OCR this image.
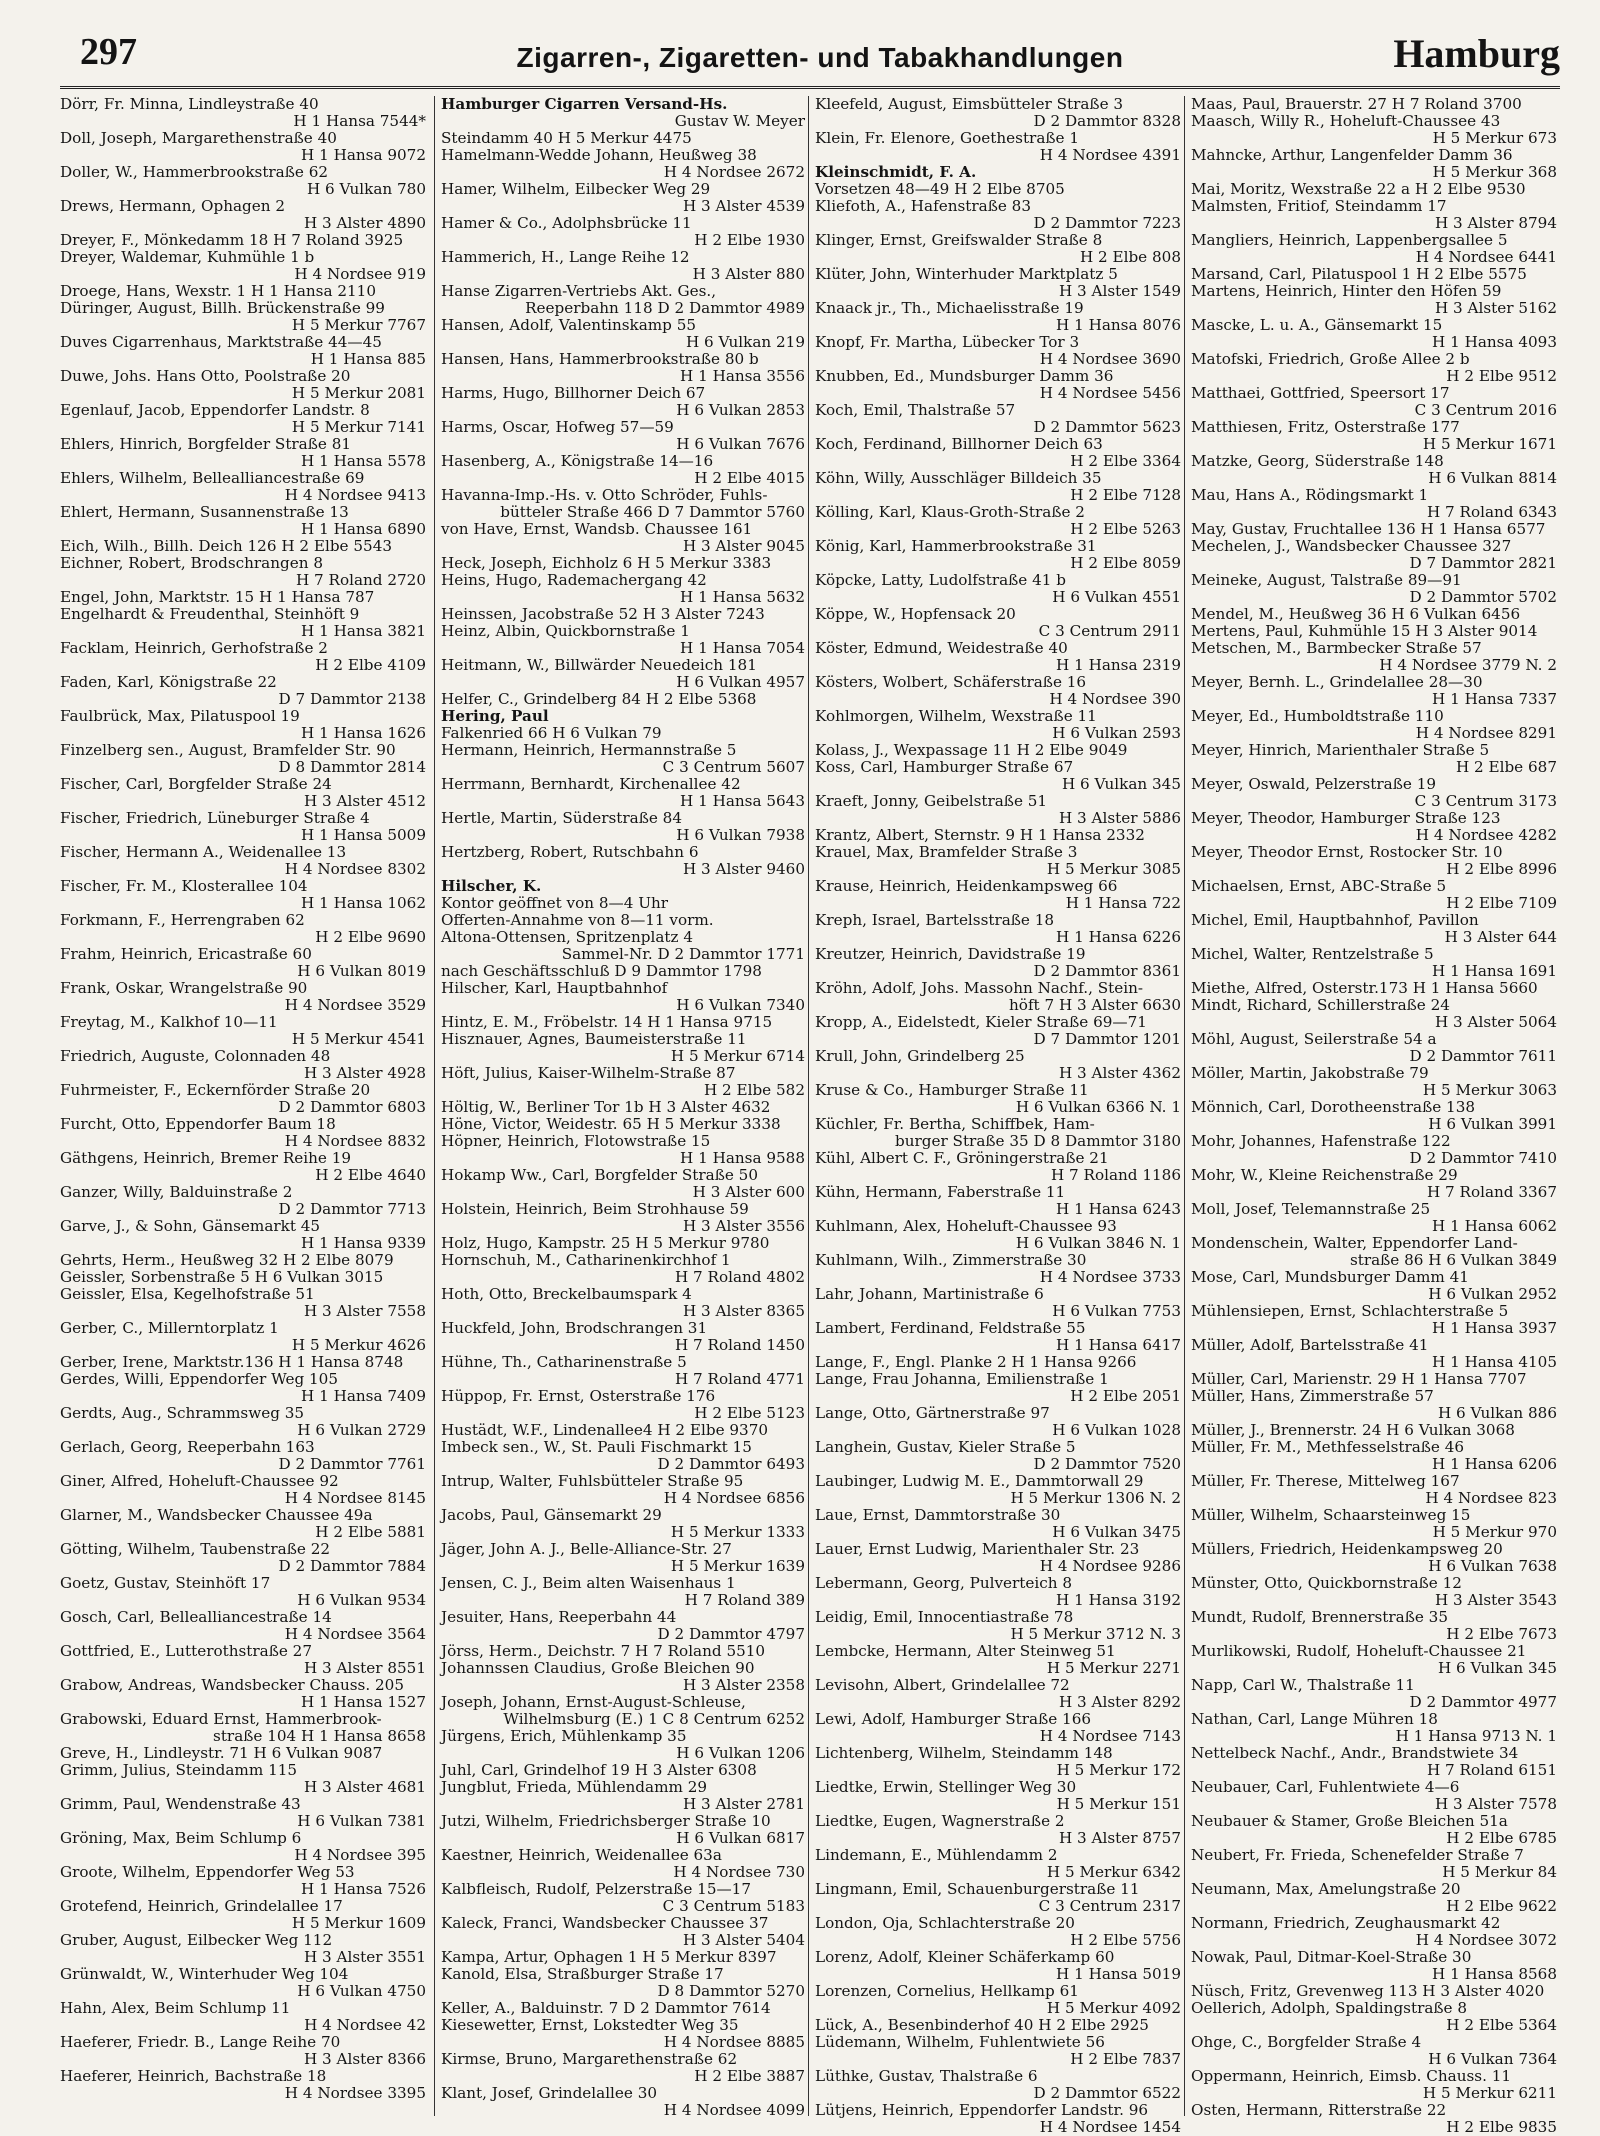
297	Zigarren-, Zigaretten- und Tabakhandlungen	Hamburg
Dörr, Fr. Minna, Lindleystraße 40
H 1 Hansa 7544*
Doll, Joseph, Margarethenstraße 40
H 1 Hansa 9072
Doller, W., Hammerbrookstraße 62
H 6 Vulkan 780
Drews, Hermann, Ophagen 2
H 3 Alster 4890
Dreyer, F., Mönkedamm 18 H 7 Roland 3925
Dreyer, Waldemar, Kuhmühle 1 b
H 4 Nordsee 919
Droege, Hans, Wexstr. 1 H 1 Hansa 2110
Düringer, August, Billh. Brückenstraße 99
H 5 Merkur 7767
Duves Cigarrenhaus, Marktstraße 44—45
H 1 Hansa 885
Duwe, Johs. Hans Otto, Poolstraße 20
H 5 Merkur 2081
Egenlauf, Jacob, Eppendorfer Landstr. 8
H 5 Merkur 7141
Ehlers, Hinrich, Borgfelder Straße 81
H 1 Hansa 5578
Ehlers, Wilhelm, Bellealliancestraße 69
H 4 Nordsee 9413
Ehlert, Hermann, Susannenstraße 13
H 1 Hansa 6890
Eich, Wilh., Billh. Deich 126 H 2 Elbe 5543
Eichner, Robert, Brodschrangen 8
H 7 Roland 2720
Engel, John, Marktstr. 15 H 1 Hansa 787
Engelhardt & Freudenthal, Steinhöft 9
H 1 Hansa 3821
Facklam, Heinrich, Gerhofstraße 2
H 2 Elbe 4109
Faden, Karl, Königstraße 22
D 7 Dammtor 2138
Faulbrück, Max, Pilatuspool 19
H 1 Hansa 1626
Finzelberg sen., August, Bramfelder Str. 90
D 8 Dammtor 2814
Fischer, Carl, Borgfelder Straße 24
H 3 Alster 4512
Fischer, Friedrich, Lüneburger Straße 4
H 1 Hansa 5009
Fischer, Hermann A., Weidenallee 13
H 4 Nordsee 8302
Fischer, Fr. M., Klosterallee 104
H 1 Hansa 1062
Forkmann, F., Herrengraben 62
H 2 Elbe 9690
Frahm, Heinrich, Ericastraße 60
H 6 Vulkan 8019
Frank, Oskar, Wrangelstraße 90
H 4 Nordsee 3529
Freytag, M., Kalkhof 10—11
H 5 Merkur 4541
Friedrich, Auguste, Colonnaden 48
H 3 Alster 4928
Fuhrmeister, F., Eckernförder Straße 20
D 2 Dammtor 6803
Furcht, Otto, Eppendorfer Baum 18
H 4 Nordsee 8832
Gäthgens, Heinrich, Bremer Reihe 19
H 2 Elbe 4640
Ganzer, Willy, Balduinstraße 2
D 2 Dammtor 7713
Garve, J., & Sohn, Gänsemarkt 45
H 1 Hansa 9339
Gehrts, Herm., Heußweg 32 H 2 Elbe 8079
Geissler, Sorbenstraße 5 H 6 Vulkan 3015
Geissler, Elsa, Kegelhofstraße 51
H 3 Alster 7558
Gerber, C., Millerntorplatz 1
H 5 Merkur 4626
Gerber, Irene, Marktstr.136 H 1 Hansa 8748
Gerdes, Willi, Eppendorfer Weg 105
H 1 Hansa 7409
Gerdts, Aug., Schrammsweg 35
H 6 Vulkan 2729
Gerlach, Georg, Reeperbahn 163
D 2 Dammtor 7761
Giner, Alfred, Hoheluft-Chaussee 92
H 4 Nordsee 8145
Glarner, M., Wandsbecker Chaussee 49a
H 2 Elbe 5881
Götting, Wilhelm, Taubenstraße 22
D 2 Dammtor 7884
Goetz, Gustav, Steinhöft 17
H 6 Vulkan 9534
Gosch, Carl, Bellealliancestraße 14
H 4 Nordsee 3564
Gottfried, E., Lutterothstraße 27
H 3 Alster 8551
Grabow, Andreas, Wandsbecker Chauss. 205
H 1 Hansa 1527
Grabowski, Eduard Ernst, Hammerbrook-
straße 104 H 1 Hansa 8658
Greve, H., Lindleystr. 71 H 6 Vulkan 9087
Grimm, Julius, Steindamm 115
H 3 Alster 4681
Grimm, Paul, Wendenstraße 43
H 6 Vulkan 7381
Gröning, Max, Beim Schlump 6
H 4 Nordsee 395
Groote, Wilhelm, Eppendorfer Weg 53
H 1 Hansa 7526
Grotefend, Heinrich, Grindelallee 17
H 5 Merkur 1609
Gruber, August, Eilbecker Weg 112
H 3 Alster 3551
Grünwaldt, W., Winterhuder Weg 104
H 6 Vulkan 4750
Hahn, Alex, Beim Schlump 11
H 4 Nordsee 42
Haeferer, Friedr. B., Lange Reihe 70
H 3 Alster 8366
Haeferer, Heinrich, Bachstraße 18
H 4 Nordsee 3395
Hamburger Cigarren Versand-Hs.
Gustav W. Meyer
Steindamm 40 H 5 Merkur 4475
Hamelmann-Wedde Johann, Heußweg 38
H 4 Nordsee 2672
Hamer, Wilhelm, Eilbecker Weg 29
H 3 Alster 4539
Hamer & Co., Adolphsbrücke 11
H 2 Elbe 1930
Hammerich, H., Lange Reihe 12
H 3 Alster 880
Hanse Zigarren-Vertriebs Akt. Ges.,
Reeperbahn 118 D 2 Dammtor 4989
Hansen, Adolf, Valentinskamp 55
H 6 Vulkan 219
Hansen, Hans, Hammerbrookstraße 80 b
H 1 Hansa 3556
Harms, Hugo, Billhorner Deich 67
H 6 Vulkan 2853
Harms, Oscar, Hofweg 57—59
H 6 Vulkan 7676
Hasenberg, A., Königstraße 14—16
H 2 Elbe 4015
Havanna-Imp.-Hs. v. Otto Schröder, Fuhls-
bütteler Straße 466 D 7 Dammtor 5760
von Have, Ernst, Wandsb. Chaussee 161
H 3 Alster 9045
Heck, Joseph, Eichholz 6 H 5 Merkur 3383
Heins, Hugo, Rademachergang 42
H 1 Hansa 5632
Heinssen, Jacobstraße 52 H 3 Alster 7243
Heinz, Albin, Quickbornstraße 1
H 1 Hansa 7054
Heitmann, W., Billwärder Neuedeich 181
H 6 Vulkan 4957
Helfer, C., Grindelberg 84 H 2 Elbe 5368
Hering, Paul
Falkenried 66 H 6 Vulkan 79
Hermann, Heinrich, Hermannstraße 5
C 3 Centrum 5607
Herrmann, Bernhardt, Kirchenallee 42
H 1 Hansa 5643
Hertle, Martin, Süderstraße 84
H 6 Vulkan 7938
Hertzberg, Robert, Rutschbahn 6
H 3 Alster 9460
Hilscher, K.
Kontor geöffnet von 8—4 Uhr
Offerten-Annahme von 8—11 vorm.
Altona-Ottensen, Spritzenplatz 4
Sammel-Nr. D 2 Dammtor 1771
nach Geschäftsschluß D 9 Dammtor 1798
Hilscher, Karl, Hauptbahnhof
H 6 Vulkan 7340
Hintz, E. M., Fröbelstr. 14 H 1 Hansa 9715
Hisznauer, Agnes, Baumeisterstraße 11
H 5 Merkur 6714
Höft, Julius, Kaiser-Wilhelm-Straße 87
H 2 Elbe 582
Höltig, W., Berliner Tor 1b H 3 Alster 4632
Höne, Victor, Weidestr. 65 H 5 Merkur 3338
Höpner, Heinrich, Flotowstraße 15
H 1 Hansa 9588
Hokamp Ww., Carl, Borgfelder Straße 50
H 3 Alster 600
Holstein, Heinrich, Beim Strohhause 59
H 3 Alster 3556
Holz, Hugo, Kampstr. 25 H 5 Merkur 9780
Hornschuh, M., Catharinenkirchhof 1
H 7 Roland 4802
Hoth, Otto, Breckelbaumspark 4
H 3 Alster 8365
Huckfeld, John, Brodschrangen 31
H 7 Roland 1450
Hühne, Th., Catharinenstraße 5
H 7 Roland 4771
Hüppop, Fr. Ernst, Osterstraße 176
H 2 Elbe 5123
Hustädt, W.F., Lindenallee4 H 2 Elbe 9370
Imbeck sen., W., St. Pauli Fischmarkt 15
D 2 Dammtor 6493
Intrup, Walter, Fuhlsbütteler Straße 95
H 4 Nordsee 6856
Jacobs, Paul, Gänsemarkt 29
H 5 Merkur 1333
Jäger, John A. J., Belle-Alliance-Str. 27
H 5 Merkur 1639
Jensen, C. J., Beim alten Waisenhaus 1
H 7 Roland 389
Jesuiter, Hans, Reeperbahn 44
D 2 Dammtor 4797
Jörss, Herm., Deichstr. 7 H 7 Roland 5510
Johannssen Claudius, Große Bleichen 90
H 3 Alster 2358
Joseph, Johann, Ernst-August-Schleuse,
Wilhelmsburg (E.) 1 C 8 Centrum 6252
Jürgens, Erich, Mühlenkamp 35
H 6 Vulkan 1206
Juhl, Carl, Grindelhof 19 H 3 Alster 6308
Jungblut, Frieda, Mühlendamm 29
H 3 Alster 2781
Jutzi, Wilhelm, Friedrichsberger Straße 10
H 6 Vulkan 6817
Kaestner, Heinrich, Weidenallee 63a
H 4 Nordsee 730
Kalbfleisch, Rudolf, Pelzerstraße 15—17
C 3 Centrum 5183
Kaleck, Franci, Wandsbecker Chaussee 37
H 3 Alster 5404
Kampa, Artur, Ophagen 1 H 5 Merkur 8397
Kanold, Elsa, Straßburger Straße 17
D 8 Dammtor 5270
Keller, A., Balduinstr. 7 D 2 Dammtor 7614
Kiesewetter, Ernst, Lokstedter Weg 35
H 4 Nordsee 8885
Kirmse, Bruno, Margarethenstraße 62
H 2 Elbe 3887
Klant, Josef, Grindelallee 30
H 4 Nordsee 4099
Kleefeld, August, Eimsbütteler Straße 3
D 2 Dammtor 8328
Klein, Fr. Elenore, Goethestraße 1
H 4 Nordsee 4391
Kleinschmidt, F. A.
Vorsetzen 48—49 H 2 Elbe 8705
Kliefoth, A., Hafenstraße 83
D 2 Dammtor 7223
Klinger, Ernst, Greifswalder Straße 8
H 2 Elbe 808
Klüter, John, Winterhuder Marktplatz 5
H 3 Alster 1549
Knaack jr., Th., Michaelisstraße 19
H 1 Hansa 8076
Knopf, Fr. Martha, Lübecker Tor 3
H 4 Nordsee 3690
Knubben, Ed., Mundsburger Damm 36
H 4 Nordsee 5456
Koch, Emil, Thalstraße 57
D 2 Dammtor 5623
Koch, Ferdinand, Billhorner Deich 63
H 2 Elbe 3364
Köhn, Willy, Ausschläger Billdeich 35
H 2 Elbe 7128
Kölling, Karl, Klaus-Groth-Straße 2
H 2 Elbe 5263
König, Karl, Hammerbrookstraße 31
H 2 Elbe 8059
Köpcke, Latty, Ludolfstraße 41 b
H 6 Vulkan 4551
Köppe, W., Hopfensack 20
C 3 Centrum 2911
Köster, Edmund, Weidestraße 40
H 1 Hansa 2319
Kösters, Wolbert, Schäferstraße 16
H 4 Nordsee 390
Kohlmorgen, Wilhelm, Wexstraße 11
H 6 Vulkan 2593
Kolass, J., Wexpassage 11 H 2 Elbe 9049
Koss, Carl, Hamburger Straße 67
H 6 Vulkan 345
Kraeft, Jonny, Geibelstraße 51
H 3 Alster 5886
Krantz, Albert, Sternstr. 9 H 1 Hansa 2332
Krauel, Max, Bramfelder Straße 3
H 5 Merkur 3085
Krause, Heinrich, Heidenkampsweg 66
H 1 Hansa 722
Kreph, Israel, Bartelsstraße 18
H 1 Hansa 6226
Kreutzer, Heinrich, Davidstraße 19
D 2 Dammtor 8361
Kröhn, Adolf, Johs. Massohn Nachf., Stein-
höft 7 H 3 Alster 6630
Kropp, A., Eidelstedt, Kieler Straße 69—71
D 7 Dammtor 1201
Krull, John, Grindelberg 25
H 3 Alster 4362
Kruse & Co., Hamburger Straße 11
H 6 Vulkan 6366 N. 1
Küchler, Fr. Bertha, Schiffbek, Ham-
burger Straße 35 D 8 Dammtor 3180
Kühl, Albert C. F., Gröningerstraße 21
H 7 Roland 1186
Kühn, Hermann, Faberstraße 11
H 1 Hansa 6243
Kuhlmann, Alex, Hoheluft-Chaussee 93
H 6 Vulkan 3846 N. 1
Kuhlmann, Wilh., Zimmerstraße 30
H 4 Nordsee 3733
Lahr, Johann, Martinistraße 6
H 6 Vulkan 7753
Lambert, Ferdinand, Feldstraße 55
H 1 Hansa 6417
Lange, F., Engl. Planke 2 H 1 Hansa 9266
Lange, Frau Johanna, Emilienstraße 1
H 2 Elbe 2051
Lange, Otto, Gärtnerstraße 97
H 6 Vulkan 1028
Langhein, Gustav, Kieler Straße 5
D 2 Dammtor 7520
Laubinger, Ludwig M. E., Dammtorwall 29
H 5 Merkur 1306 N. 2
Laue, Ernst, Dammtorstraße 30
H 6 Vulkan 3475
Lauer, Ernst Ludwig, Marienthaler Str. 23
H 4 Nordsee 9286
Lebermann, Georg, Pulverteich 8
H 1 Hansa 3192
Leidig, Emil, Innocentiastraße 78
H 5 Merkur 3712 N. 3
Lembcke, Hermann, Alter Steinweg 51
H 5 Merkur 2271
Levisohn, Albert, Grindelallee 72
H 3 Alster 8292
Lewi, Adolf, Hamburger Straße 166
H 4 Nordsee 7143
Lichtenberg, Wilhelm, Steindamm 148
H 5 Merkur 172
Liedtke, Erwin, Stellinger Weg 30
H 5 Merkur 151
Liedtke, Eugen, Wagnerstraße 2
H 3 Alster 8757
Lindemann, E., Mühlendamm 2
H 5 Merkur 6342
Lingmann, Emil, Schauenburgerstraße 11
C 3 Centrum 2317
London, Oja, Schlachterstraße 20
H 2 Elbe 5756
Lorenz, Adolf, Kleiner Schäferkamp 60
H 1 Hansa 5019
Lorenzen, Cornelius, Hellkamp 61
H 5 Merkur 4092
Lück, A., Besenbinderhof 40 H 2 Elbe 2925
Lüdemann, Wilhelm, Fuhlentwiete 56
H 2 Elbe 7837
Lüthke, Gustav, Thalstraße 6
D 2 Dammtor 6522
Lütjens, Heinrich, Eppendorfer Landstr. 96
H 4 Nordsee 1454
Maas, Paul, Brauerstr. 27 H 7 Roland 3700
Maasch, Willy R., Hoheluft-Chaussee 43
H 5 Merkur 673
Mahncke, Arthur, Langenfelder Damm 36
H 5 Merkur 368
Mai, Moritz, Wexstraße 22 a H 2 Elbe 9530
Malmsten, Fritiof, Steindamm 17
H 3 Alster 8794
Mangliers, Heinrich, Lappenbergsallee 5
H 4 Nordsee 6441
Marsand, Carl, Pilatuspool 1 H 2 Elbe 5575
Martens, Heinrich, Hinter den Höfen 59
H 3 Alster 5162
Mascke, L. u. A., Gänsemarkt 15
H 1 Hansa 4093
Matofski, Friedrich, Große Allee 2 b
H 2 Elbe 9512
Matthaei, Gottfried, Speersort 17
C 3 Centrum 2016
Matthiesen, Fritz, Osterstraße 177
H 5 Merkur 1671
Matzke, Georg, Süderstraße 148
H 6 Vulkan 8814
Mau, Hans A., Rödingsmarkt 1
H 7 Roland 6343
May, Gustav, Fruchtallee 136 H 1 Hansa 6577
Mechelen, J., Wandsbecker Chaussee 327
D 7 Dammtor 2821
Meineke, August, Talstraße 89—91
D 2 Dammtor 5702
Mendel, M., Heußweg 36 H 6 Vulkan 6456
Mertens, Paul, Kuhmühle 15 H 3 Alster 9014
Metschen, M., Barmbecker Straße 57
H 4 Nordsee 3779 N. 2
Meyer, Bernh. L., Grindelallee 28—30
H 1 Hansa 7337
Meyer, Ed., Humboldtstraße 110
H 4 Nordsee 8291
Meyer, Hinrich, Marienthaler Straße 5
H 2 Elbe 687
Meyer, Oswald, Pelzerstraße 19
C 3 Centrum 3173
Meyer, Theodor, Hamburger Straße 123
H 4 Nordsee 4282
Meyer, Theodor Ernst, Rostocker Str. 10
H 2 Elbe 8996
Michaelsen, Ernst, ABC-Straße 5
H 2 Elbe 7109
Michel, Emil, Hauptbahnhof, Pavillon
H 3 Alster 644
Michel, Walter, Rentzelstraße 5
H 1 Hansa 1691
Miethe, Alfred, Osterstr.173 H 1 Hansa 5660
Mindt, Richard, Schillerstraße 24
H 3 Alster 5064
Möhl, August, Seilerstraße 54 a
D 2 Dammtor 7611
Möller, Martin, Jakobstraße 79
H 5 Merkur 3063
Mönnich, Carl, Dorotheenstraße 138
H 6 Vulkan 3991
Mohr, Johannes, Hafenstraße 122
D 2 Dammtor 7410
Mohr, W., Kleine Reichenstraße 29
H 7 Roland 3367
Moll, Josef, Telemannstraße 25
H 1 Hansa 6062
Mondenschein, Walter, Eppendorfer Land-
straße 86 H 6 Vulkan 3849
Mose, Carl, Mundsburger Damm 41
H 6 Vulkan 2952
Mühlensiepen, Ernst, Schlachterstraße 5
H 1 Hansa 3937
Müller, Adolf, Bartelsstraße 41
H 1 Hansa 4105
Müller, Carl, Marienstr. 29 H 1 Hansa 7707
Müller, Hans, Zimmerstraße 57
H 6 Vulkan 886
Müller, J., Brennerstr. 24 H 6 Vulkan 3068
Müller, Fr. M., Methfesselstraße 46
H 1 Hansa 6206
Müller, Fr. Therese, Mittelweg 167
H 4 Nordsee 823
Müller, Wilhelm, Schaarsteinweg 15
H 5 Merkur 970
Müllers, Friedrich, Heidenkampsweg 20
H 6 Vulkan 7638
Münster, Otto, Quickbornstraße 12
H 3 Alster 3543
Mundt, Rudolf, Brennerstraße 35
H 2 Elbe 7673
Murlikowski, Rudolf, Hoheluft-Chaussee 21
H 6 Vulkan 345
Napp, Carl W., Thalstraße 11
D 2 Dammtor 4977
Nathan, Carl, Lange Mühren 18
H 1 Hansa 9713 N. 1
Nettelbeck Nachf., Andr., Brandstwiete 34
H 7 Roland 6151
Neubauer, Carl, Fuhlentwiete 4—6
H 3 Alster 7578
Neubauer & Stamer, Große Bleichen 51a
H 2 Elbe 6785
Neubert, Fr. Frieda, Schenefelder Straße 7
H 5 Merkur 84
Neumann, Max, Amelungstraße 20
H 2 Elbe 9622
Normann, Friedrich, Zeughausmarkt 42
H 4 Nordsee 3072
Nowak, Paul, Ditmar-Koel-Straße 30
H 1 Hansa 8568
Nüsch, Fritz, Grevenweg 113 H 3 Alster 4020
Oellerich, Adolph, Spaldingstraße 8
H 2 Elbe 5364
Ohge, C., Borgfelder Straße 4
H 6 Vulkan 7364
Oppermann, Heinrich, Eimsb. Chauss. 11
H 5 Merkur 6211
Osten, Hermann, Ritterstraße 22
H 2 Elbe 9835
